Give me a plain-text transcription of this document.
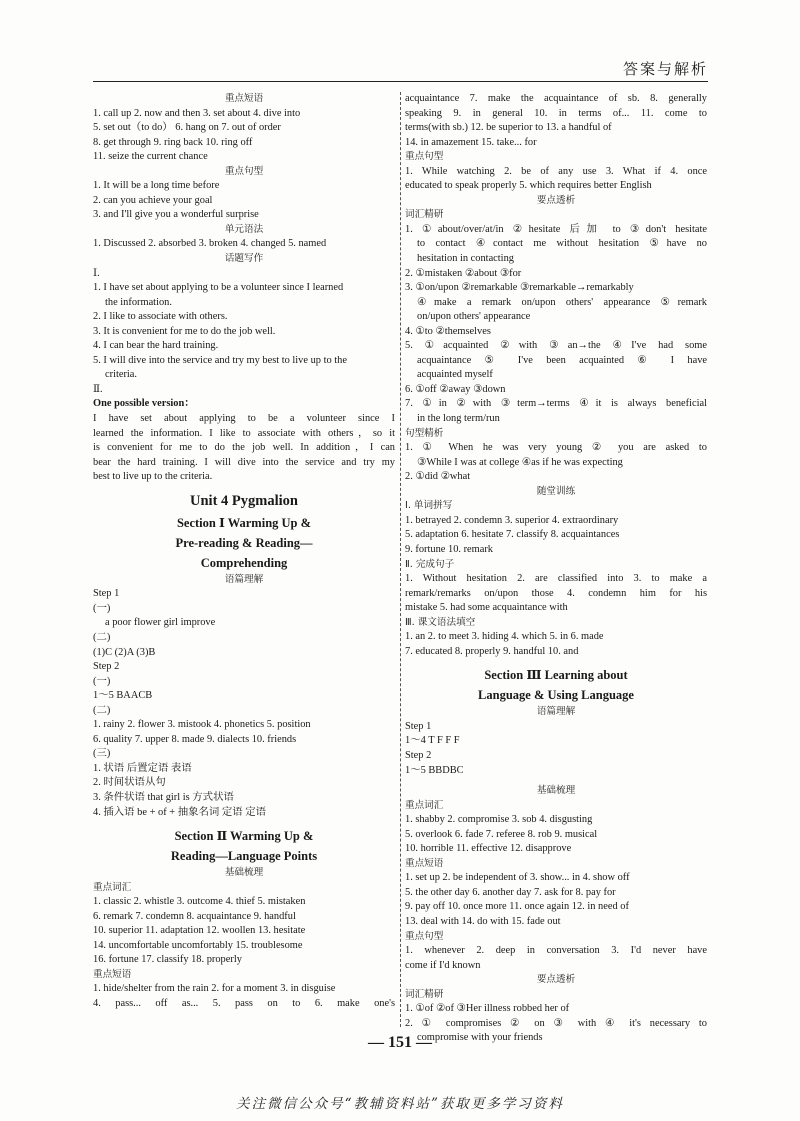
答案与解析
重点短语
1. call up 2. now and then 3. set about 4. dive into
5. set out（to do） 6. hang on 7. out of order
8. get through 9. ring back 10. ring off
11. seize the current chance
重点句型
1. It will be a long time before
2. can you achieve your goal
3. and I'll give you a wonderful surprise
单元语法
1. Discussed 2. absorbed 3. broken 4. changed 5. named
话题写作
Ⅰ.
1. I have set about applying to be a volunteer since I learned
the information.
2. I like to associate with others.
3. It is convenient for me to do the job well.
4. I can bear the hard training.
5. I will dive into the service and try my best to live up to the
criteria.
Ⅱ.
One possible version：
I have set about applying to be a volunteer since I
learned the information. I like to associate with others，so it
is convenient for me to do the job well. In addition，I can
bear the hard training. I will dive into the service and try my
best to live up to the criteria.
Unit 4 Pygmalion
Section Ⅰ Warming Up &
Pre-reading & Reading—
Comprehending
语篇理解
Step 1
(一)
a poor flower girl improve
(二)
(1)C (2)A (3)B
Step 2
(一)
1～5 BAACB
(二)
1. rainy 2. flower 3. mistook 4. phonetics 5. position
6. quality 7. upper 8. made 9. dialects 10. friends
(三)
1. 状语 后置定语 表语
2. 时间状语从句
3. 条件状语 that girl is 方式状语
4. 插入语 be + of + 抽象名词 定语 定语
Section Ⅱ Warming Up &
Reading—Language Points
基础梳理
重点词汇
1. classic 2. whistle 3. outcome 4. thief 5. mistaken
6. remark 7. condemn 8. acquaintance 9. handful
10. superior 11. adaptation 12. woollen 13. hesitate
14. uncomfortable uncomfortably 15. troublesome
16. fortune 17. classify 18. properly
重点短语
1. hide/shelter from the rain 2. for a moment 3. in disguise
4. pass... off as... 5. pass on to 6. make one's
acquaintance 7. make the acquaintance of sb. 8. generally
speaking 9. in general 10. in terms of... 11. come to
terms(with sb.) 12. be superior to 13. a handful of
14. in amazement 15. take... for
重点句型
1. While watching 2. be of any use 3. What if 4. once
educated to speak properly 5. which requires better English
要点透析
词汇精研
1. ①about/over/at/in ②hesitate 后加 to ③don't hesitate
to contact ④contact me without hesitation ⑤have no
hesitation in contacting
2. ①mistaken ②about ③for
3. ①on/upon ②remarkable ③remarkable→remarkably
④make a remark on/upon others' appearance ⑤remark
on/upon others' appearance
4. ①to ②themselves
5. ①acquainted ②with ③an→the ④I've had some
acquaintance ⑤ I've been acquainted ⑥ I have
acquainted myself
6. ①off ②away ③down
7. ①in ②with ③term→terms ④it is always beneficial
in the long term/run
句型精析
1. ① When he was very young ② you are asked to
③While I was at college ④as if he was expecting
2. ①did ②what
随堂训练
Ⅰ. 单词拼写
1. betrayed 2. condemn 3. superior 4. extraordinary
5. adaptation 6. hesitate 7. classify 8. acquaintances
9. fortune 10. remark
Ⅱ. 完成句子
1. Without hesitation 2. are classified into 3. to make a
remark/remarks on/upon those 4. condemn him for his
mistake 5. had some acquaintance with
Ⅲ. 课文语法填空
1. an 2. to meet 3. hiding 4. which 5. in 6. made
7. educated 8. properly 9. handful 10. and
Section Ⅲ Learning about
Language & Using Language
语篇理解
Step 1
1～4 T F F F
Step 2
1～5 BBDBC
基础梳理
重点词汇
1. shabby 2. compromise 3. sob 4. disgusting
5. overlook 6. fade 7. referee 8. rob 9. musical
10. horrible 11. effective 12. disapprove
重点短语
1. set up 2. be independent of 3. show... in 4. show off
5. the other day 6. another day 7. ask for 8. pay for
9. pay off 10. once more 11. once again 12. in need of
13. deal with 14. do with 15. fade out
重点句型
1. whenever 2. deep in conversation 3. I'd never have
come if I'd known
要点透析
词汇精研
1. ①of ②of ③Her illness robbed her of
2. ① compromises ② on ③ with ④ it's necessary to
compromise with your friends
— 151 —
关注微信公众号“教辅资料站”获取更多学习资料
